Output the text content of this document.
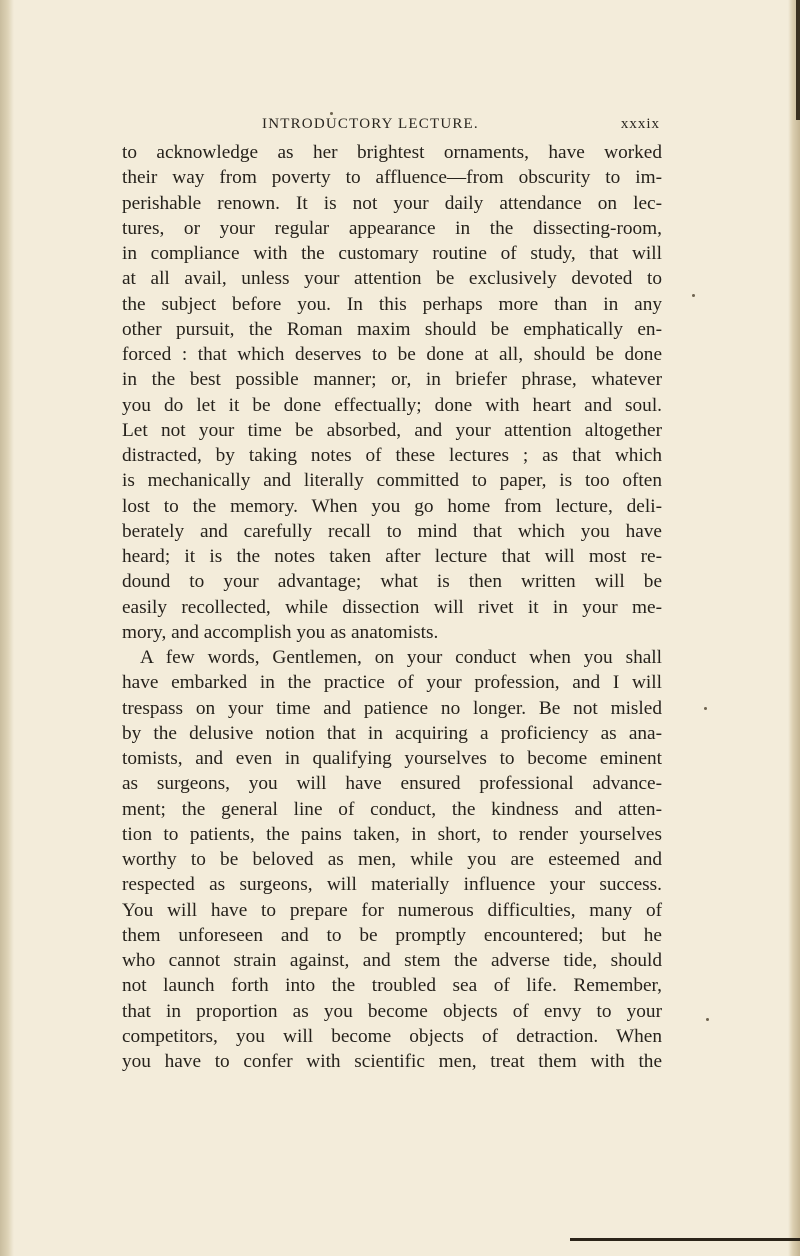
INTRODUCTORY LECTURE.	xxxix
to acknowledge as her brightest ornaments, have worked
their way from poverty to affluence—from obscurity to im-
perishable renown. It is not your daily attendance on lec-
tures, or your regular appearance in the dissecting-room,
in compliance with the customary routine of study, that will
at all avail, unless your attention be exclusively devoted to
the subject before you. In this perhaps more than in any
other pursuit, the Roman maxim should be emphatically en-
forced : that which deserves to be done at all, should be done
in the best possible manner; or, in briefer phrase, whatever
you do let it be done effectually; done with heart and soul.
Let not your time be absorbed, and your attention altogether
distracted, by taking notes of these lectures ; as that which
is mechanically and literally committed to paper, is too often
lost to the memory. When you go home from lecture, deli-
berately and carefully recall to mind that which you have
heard; it is the notes taken after lecture that will most re-
dound to your advantage; what is then written will be
easily recollected, while dissection will rivet it in your me-
mory, and accomplish you as anatomists.
A few words, Gentlemen, on your conduct when you shall
have embarked in the practice of your profession, and I will
trespass on your time and patience no longer. Be not misled
by the delusive notion that in acquiring a proficiency as ana-
tomists, and even in qualifying yourselves to become eminent
as surgeons, you will have ensured professional advance-
ment; the general line of conduct, the kindness and atten-
tion to patients, the pains taken, in short, to render yourselves
worthy to be beloved as men, while you are esteemed and
respected as surgeons, will materially influence your success.
You will have to prepare for numerous difficulties, many of
them unforeseen and to be promptly encountered; but he
who cannot strain against, and stem the adverse tide, should
not launch forth into the troubled sea of life. Remember,
that in proportion as you become objects of envy to your
competitors, you will become objects of detraction. When
you have to confer with scientific men, treat them with the
